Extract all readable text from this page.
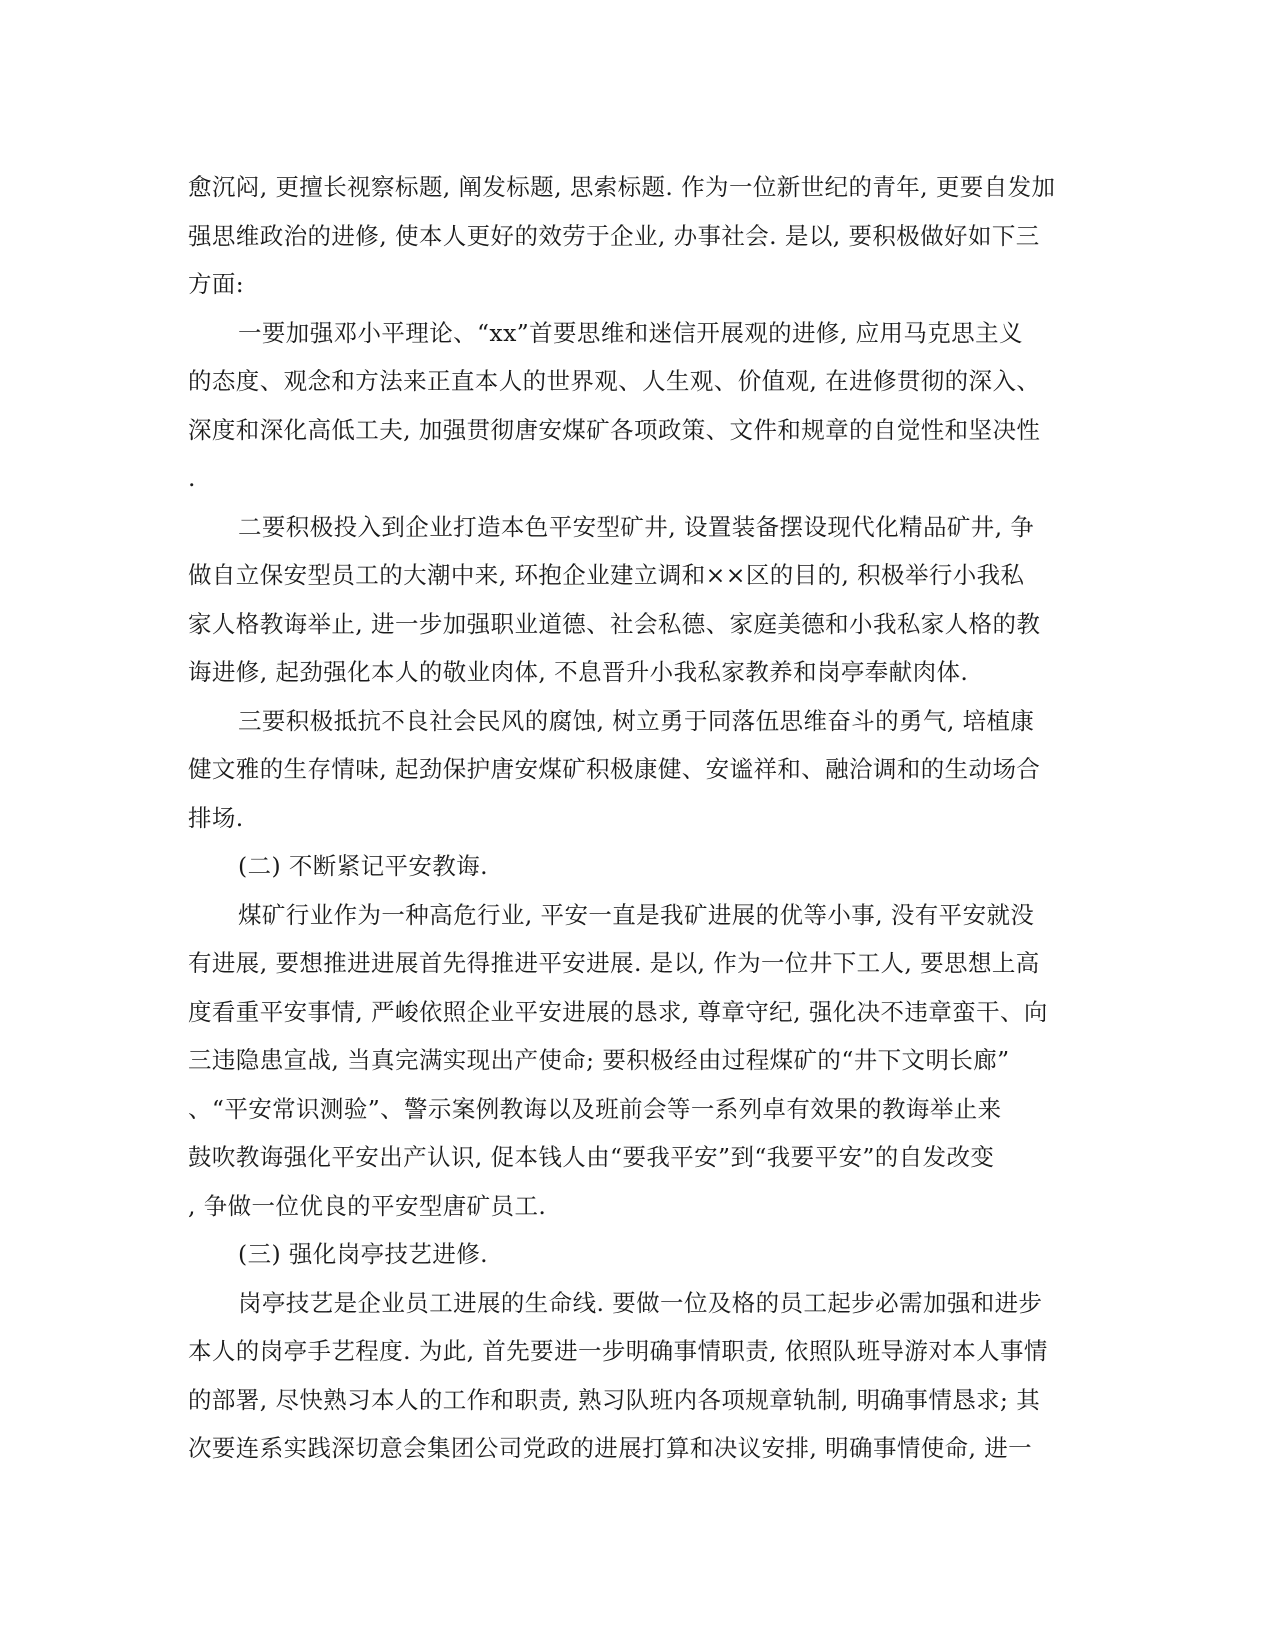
愈沉闷, 更擅长视察标题, 阐发标题, 思索标题. 作为一位新世纪的青年, 更要自发加
强思维政治的进修, 使本人更好的效劳于企业, 办事社会. 是以, 要积极做好如下三
方面:
一要加强邓小平理论、“xx”首要思维和迷信开展观的进修, 应用马克思主义
的态度、观念和方法来正直本人的世界观、人生观、价值观, 在进修贯彻的深入、
深度和深化高低工夫, 加强贯彻唐安煤矿各项政策、文件和规章的自觉性和坚决性
.
二要积极投入到企业打造本色平安型矿井, 设置装备摆设现代化精品矿井, 争
做自立保安型员工的大潮中来, 环抱企业建立调和××区的目的, 积极举行小我私
家人格教诲举止, 进一步加强职业道德、社会私德、家庭美德和小我私家人格的教
诲进修, 起劲强化本人的敬业肉体, 不息晋升小我私家教养和岗亭奉献肉体.
三要积极抵抗不良社会民风的腐蚀, 树立勇于同落伍思维奋斗的勇气, 培植康
健文雅的生存情味, 起劲保护唐安煤矿积极康健、安谧祥和、融洽调和的生动场合
排场.
(二) 不断紧记平安教诲.
煤矿行业作为一种高危行业, 平安一直是我矿进展的优等小事, 没有平安就没
有进展, 要想推进进展首先得推进平安进展. 是以, 作为一位井下工人, 要思想上高
度看重平安事情, 严峻依照企业平安进展的恳求, 尊章守纪, 强化决不违章蛮干、向
三违隐患宣战, 当真完满实现出产使命; 要积极经由过程煤矿的“井下文明长廊”
、“平安常识测验”、警示案例教诲以及班前会等一系列卓有效果的教诲举止来
鼓吹教诲强化平安出产认识, 促本钱人由“要我平安”到“我要平安”的自发改变
, 争做一位优良的平安型唐矿员工.
(三) 强化岗亭技艺进修.
岗亭技艺是企业员工进展的生命线. 要做一位及格的员工起步必需加强和进步
本人的岗亭手艺程度. 为此, 首先要进一步明确事情职责, 依照队班导游对本人事情
的部署, 尽快熟习本人的工作和职责, 熟习队班内各项规章轨制, 明确事情恳求; 其
次要连系实践深切意会集团公司党政的进展打算和决议安排, 明确事情使命, 进一
